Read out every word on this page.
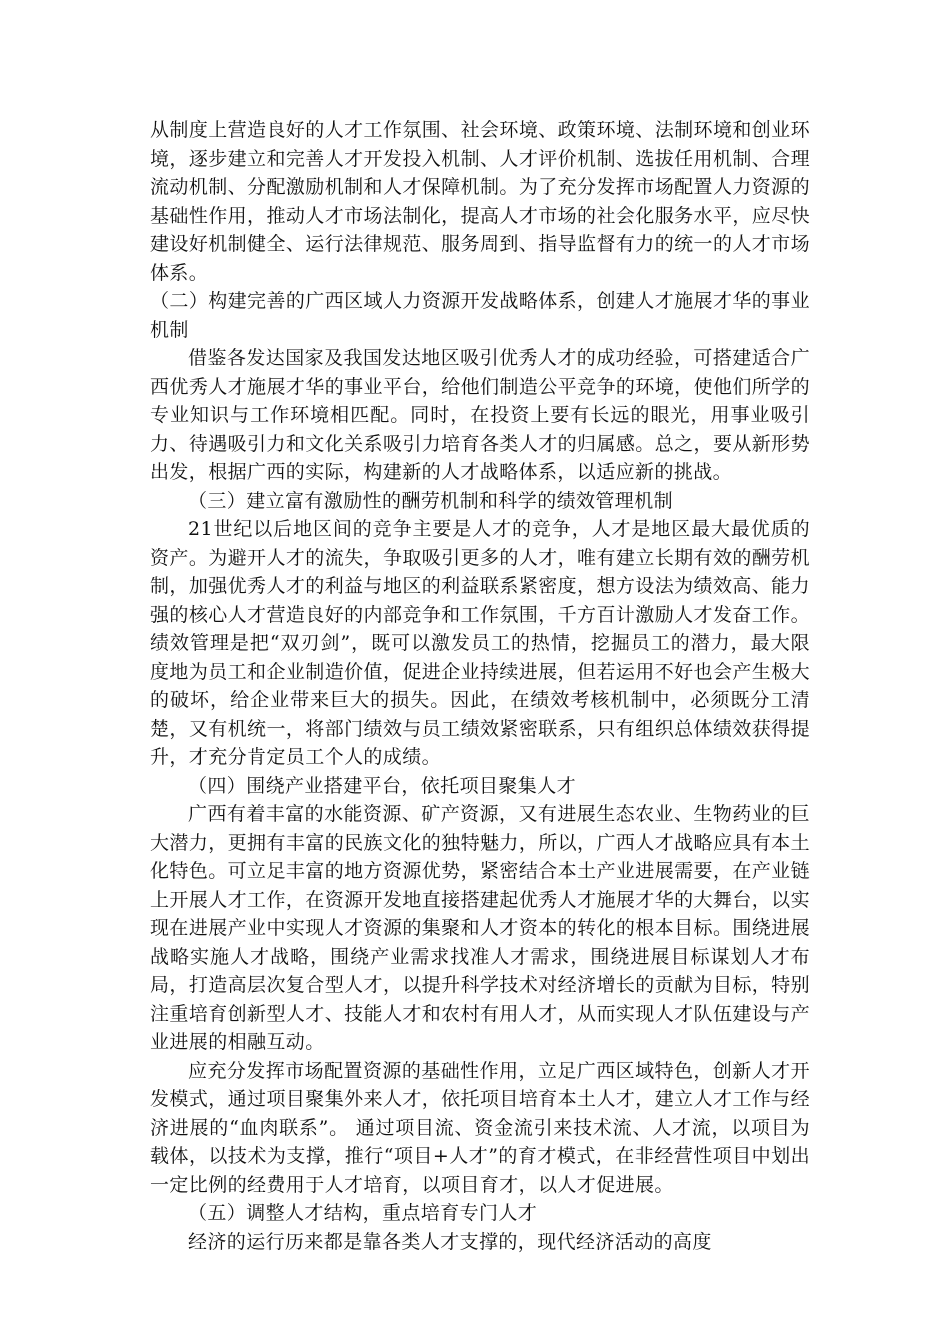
从制度上营造良好的人才工作氛围、社会环境、政策环境、法制环境和创业环境，逐步建立和完善人才开发投入机制、人才评价机制、选拔任用机制、合理流动机制、分配激励机制和人才保障机制。为了充分发挥市场配置人力资源的基础性作用，推动人才市场法制化，提高人才市场的社会化服务水平，应尽快建设好机制健全、运行法律规范、服务周到、指导监督有力的统一的人才市场体系。

（二）构建完善的广西区域人力资源开发战略体系，创建人才施展才华的事业机制

借鉴各发达国家及我国发达地区吸引优秀人才的成功经验，可搭建适合广西优秀人才施展才华的事业平台，给他们制造公平竞争的环境，使他们所学的专业知识与工作环境相匹配。同时，在投资上要有长远的眼光，用事业吸引力、待遇吸引力和文化关系吸引力培育各类人才的归属感。总之，要从新形势出发，根据广西的实际，构建新的人才战略体系，以适应新的挑战。

（三）建立富有激励性的酬劳机制和科学的绩效管理机制

21世纪以后地区间的竞争主要是人才的竞争，人才是地区最大最优质的资产。为避开人才的流失，争取吸引更多的人才，唯有建立长期有效的酬劳机制，加强优秀人才的利益与地区的利益联系紧密度，想方设法为绩效高、能力强的核心人才营造良好的内部竞争和工作氛围，千方百计激励人才发奋工作。绩效管理是把“双刃剑”，既可以激发员工的热情，挖掘员工的潜力，最大限度地为员工和企业制造价值，促进企业持续进展，但若运用不好也会产生极大的破坏，给企业带来巨大的损失。因此，在绩效考核机制中，必须既分工清楚，又有机统一，将部门绩效与员工绩效紧密联系，只有组织总体绩效获得提升，才充分肯定员工个人的成绩。

（四）围绕产业搭建平台，依托项目聚集人才

广西有着丰富的水能资源、矿产资源，又有进展生态农业、生物药业的巨大潜力，更拥有丰富的民族文化的独特魅力，所以，广西人才战略应具有本土化特色。可立足丰富的地方资源优势，紧密结合本土产业进展需要，在产业链上开展人才工作，在资源开发地直接搭建起优秀人才施展才华的大舞台，以实现在进展产业中实现人才资源的集聚和人才资本的转化的根本目标。围绕进展战略实施人才战略，围绕产业需求找准人才需求，围绕进展目标谋划人才布局，打造高层次复合型人才，以提升科学技术对经济增长的贡献为目标，特别注重培育创新型人才、技能人才和农村有用人才，从而实现人才队伍建设与产业进展的相融互动。

应充分发挥市场配置资源的基础性作用，立足广西区域特色，创新人才开发模式，通过项目聚集外来人才，依托项目培育本土人才，建立人才工作与经济进展的“血肉联系”。 通过项目流、资金流引来技术流、人才流，以项目为载体，以技术为支撑，推行“项目+人才”的育才模式，在非经营性项目中划出一定比例的经费用于人才培育，以项目育才，以人才促进展。

（五）调整人才结构，重点培育专门人才

经济的运行历来都是靠各类人才支撑的，现代经济活动的高度
